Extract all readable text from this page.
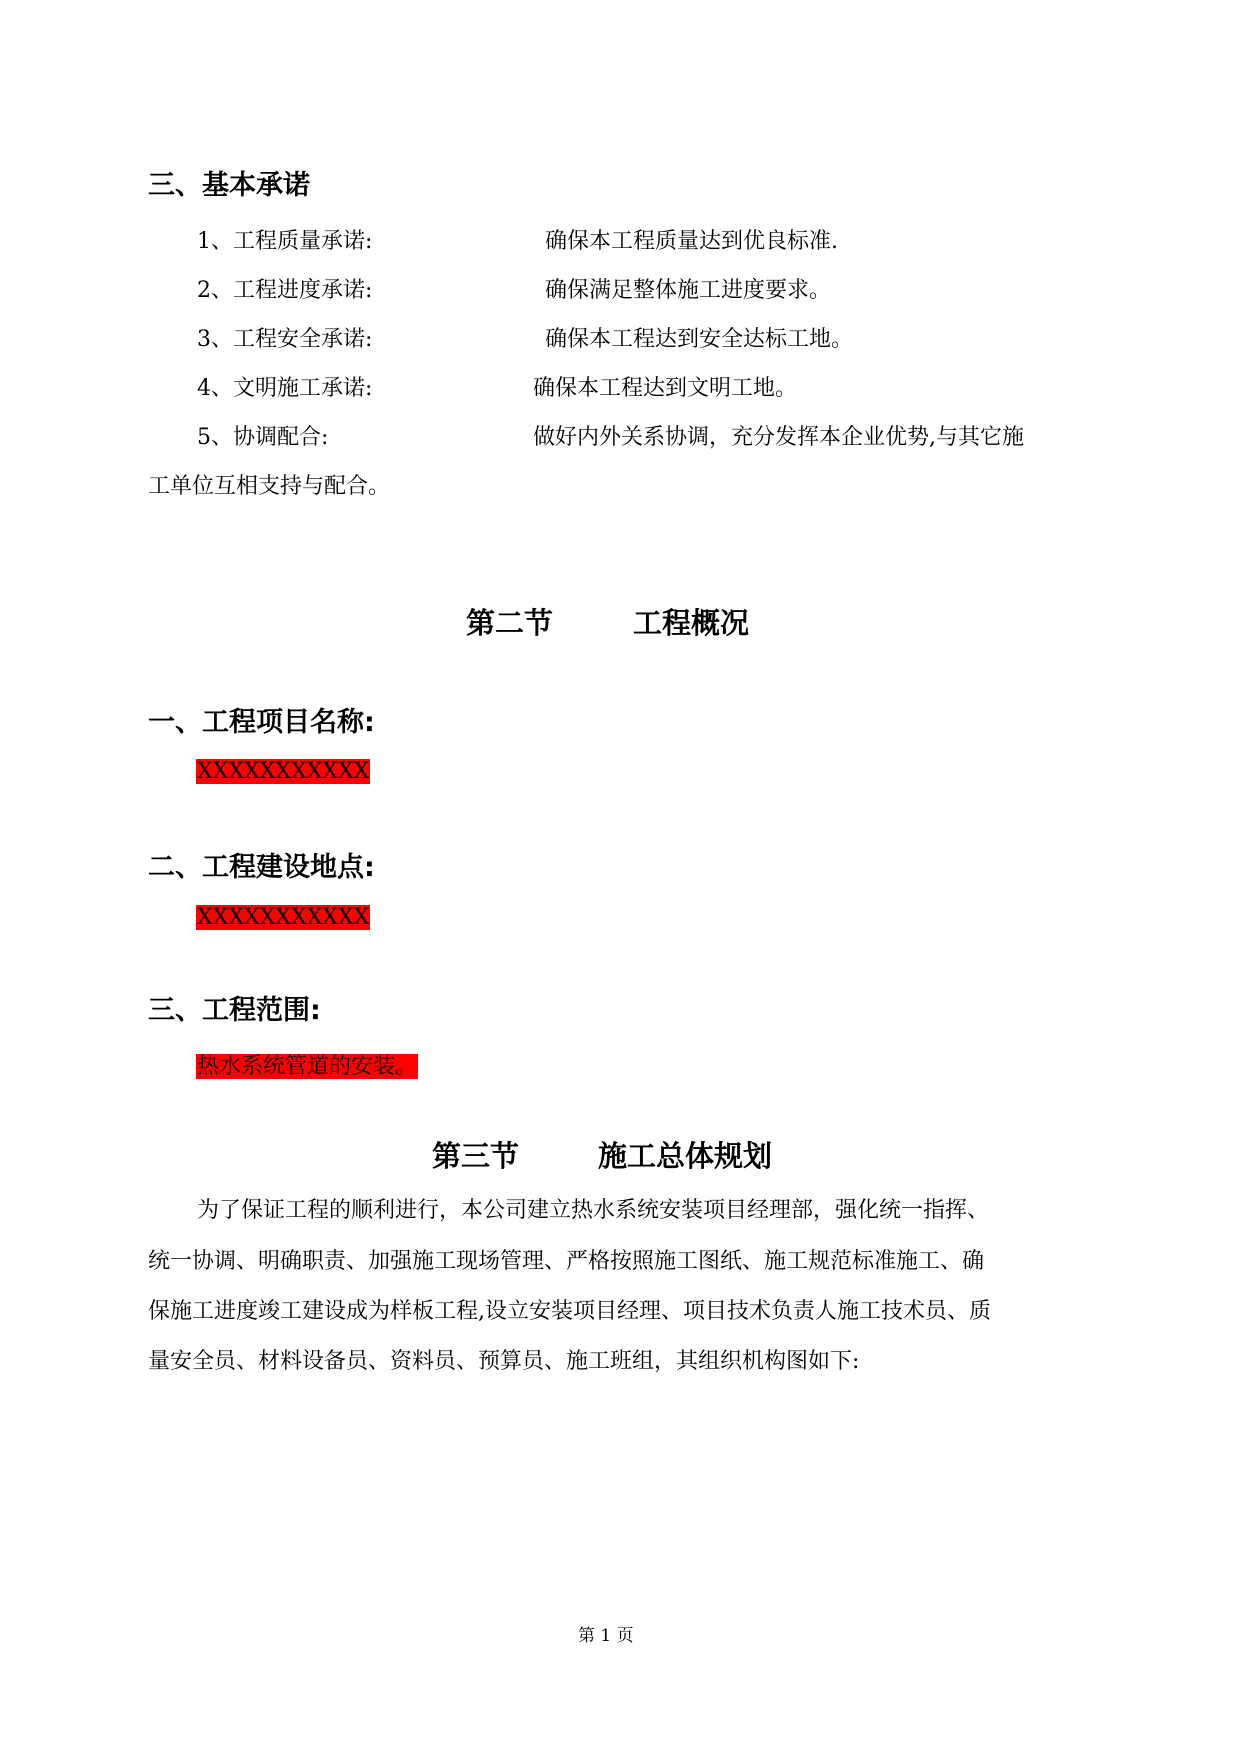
三、基本承诺
1、工程质量承诺:	确保本工程质量达到优良标准.
2、工程进度承诺:	确保满足整体施工进度要求。
3、工程安全承诺:	确保本工程达到安全达标工地。
4、文明施工承诺:	确保本工程达到文明工地。
5、协调配合:	做好内外关系协调，充分发挥本企业优势,与其它施
工单位互相支持与配合。
第二节	工程概况
一、工程项目名称:
XXXXXXXXXXX
二、工程建设地点:
XXXXXXXXXXX
三、工程范围:
热水系统管道的安装。
第三节	施工总体规划
为了保证工程的顺利进行，本公司建立热水系统安装项目经理部，强化统一指挥、
统一协调、明确职责、加强施工现场管理、严格按照施工图纸、施工规范标准施工、确
保施工进度竣工建设成为样板工程,设立安装项目经理、项目技术负责人施工技术员、质
量安全员、材料设备员、资料员、预算员、施工班组，其组织机构图如下:
第 1 页
